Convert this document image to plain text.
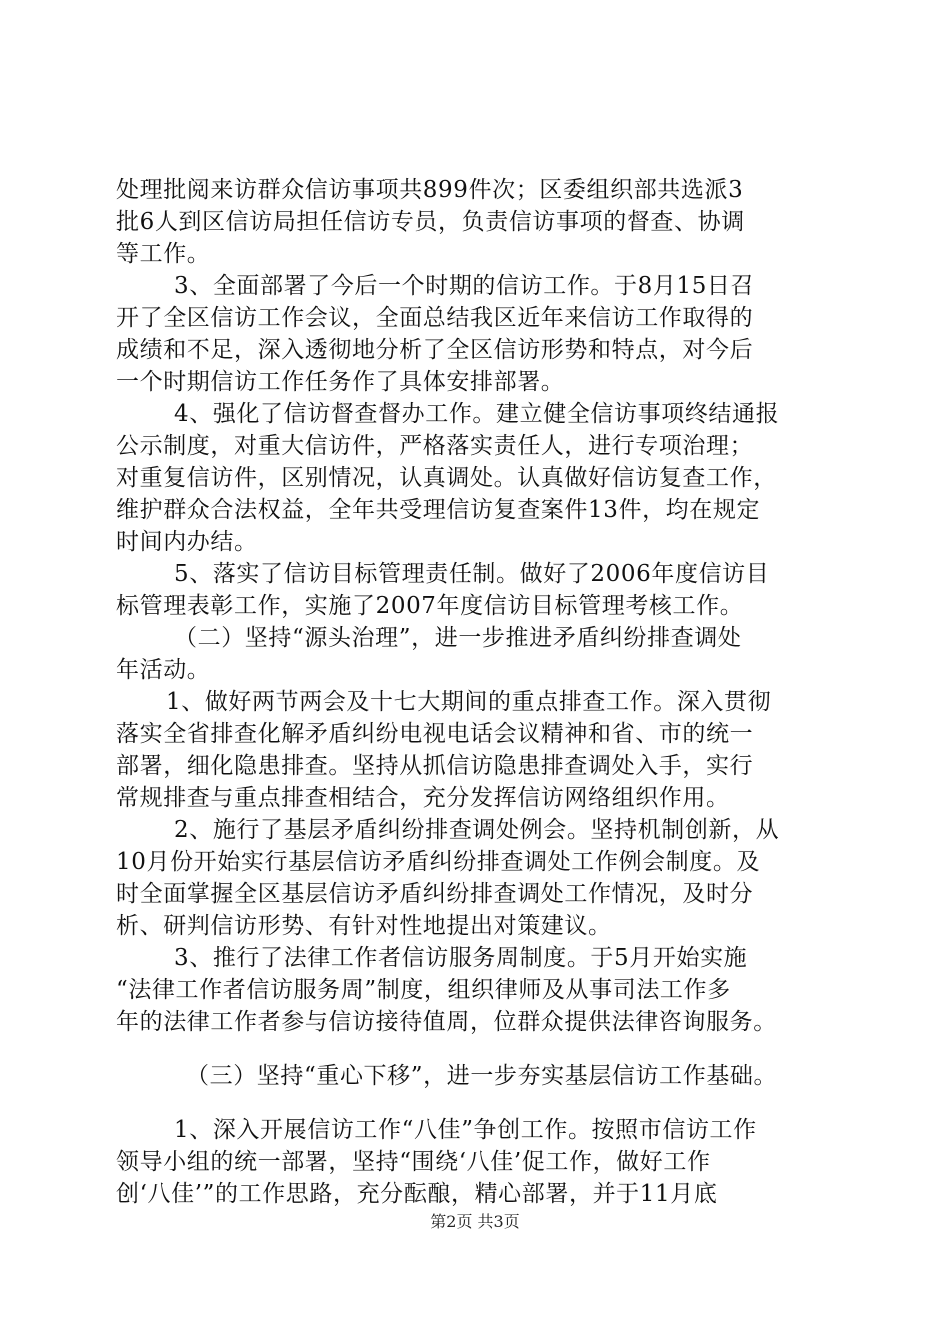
处理批阅来访群众信访事项共899件次；区委组织部共选派3
批6人到区信访局担任信访专员，负责信访事项的督查、协调
等工作。
3、全面部署了今后一个时期的信访工作。于8月15日召
开了全区信访工作会议，全面总结我区近年来信访工作取得的
成绩和不足，深入透彻地分析了全区信访形势和特点，对今后
一个时期信访工作任务作了具体安排部署。
4、强化了信访督查督办工作。建立健全信访事项终结通报
公示制度，对重大信访件，严格落实责任人，进行专项治理；
对重复信访件，区别情况，认真调处。认真做好信访复查工作，
维护群众合法权益，全年共受理信访复查案件13件，均在规定
时间内办结。
5、落实了信访目标管理责任制。做好了2006年度信访目
标管理表彰工作，实施了2007年度信访目标管理考核工作。
（二）坚持“源头治理”，进一步推进矛盾纠纷排查调处
年活动。
1、做好两节两会及十七大期间的重点排查工作。深入贯彻
落实全省排查化解矛盾纠纷电视电话会议精神和省、市的统一
部署，细化隐患排查。坚持从抓信访隐患排查调处入手，实行
常规排查与重点排查相结合，充分发挥信访网络组织作用。
2、施行了基层矛盾纠纷排查调处例会。坚持机制创新，从
10月份开始实行基层信访矛盾纠纷排查调处工作例会制度。及
时全面掌握全区基层信访矛盾纠纷排查调处工作情况，及时分
析、研判信访形势、有针对性地提出对策建议。
3、推行了法律工作者信访服务周制度。于5月开始实施
“法律工作者信访服务周”制度，组织律师及从事司法工作多
年的法律工作者参与信访接待值周，位群众提供法律咨询服务。
（三）坚持“重心下移”，进一步夯实基层信访工作基础。
1、深入开展信访工作“八佳”争创工作。按照市信访工作
领导小组的统一部署，坚持“围绕‘八佳’促工作，做好工作
创‘八佳’”的工作思路，充分酝酿，精心部署，并于11月底
第2页 共3页
